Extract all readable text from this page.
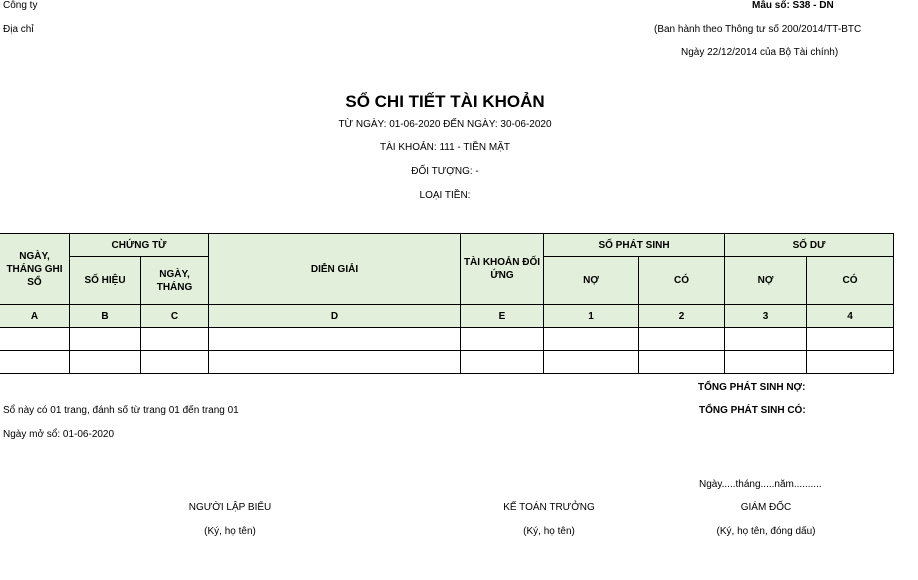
Công ty
Địa chỉ
Mẫu số: S38 - DN
(Ban hành theo Thông tư số 200/2014/TT-BTC
Ngày 22/12/2014 của Bộ Tài chính)
SỔ CHI TIẾT TÀI KHOẢN
TỪ NGÀY: 01-06-2020 ĐẾN NGÀY: 30-06-2020
TÀI KHOẢN: 111 - TIỀN MẶT
ĐỐI TƯỢNG: -
LOẠI TIỀN:
NGÀY, THÁNG GHI SỔ	CHỨNG TỪ		DIỄN GIẢI	TÀI KHOẢN ĐỐI ỨNG	SỐ PHÁT SINH		SỐ DƯ	
	SỐ HIỆU	NGÀY, THÁNG			NỢ	CÓ	NỢ	CÓ
A	B	C	D	E	1	2	3	4

TỔNG PHÁT SINH NỢ:
TỔNG PHÁT SINH CÓ:
Sổ này có 01 trang, đánh số từ trang 01 đến trang 01
Ngày mở sổ: 01-06-2020
Ngày.....tháng.....năm..........
NGƯỜI LẬP BIỂU
(Ký, họ tên)
KẾ TOÁN TRƯỞNG
(Ký, họ tên)
GIÁM ĐỐC
(Ký, họ tên, đóng dấu)
